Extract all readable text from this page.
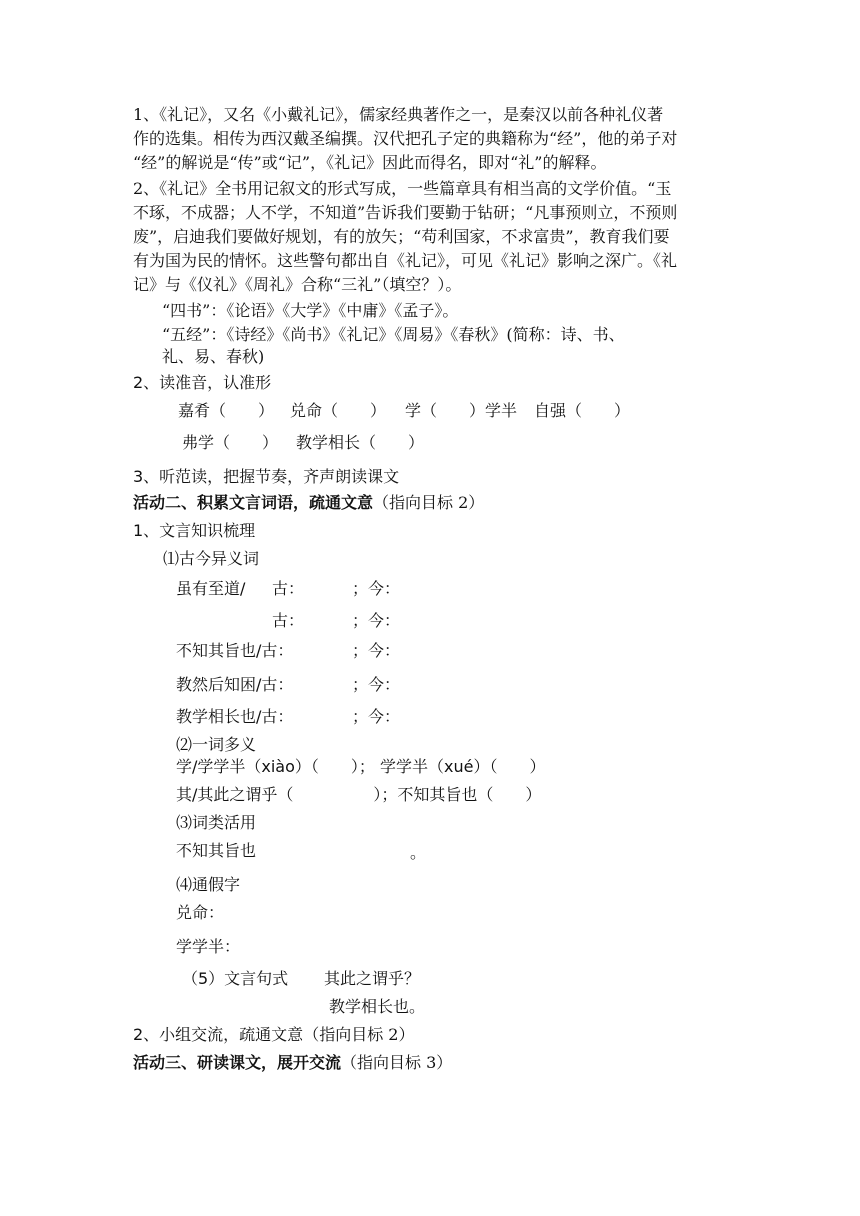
1、《礼记》，又名《小戴礼记》，儒家经典著作之一，是秦汉以前各种礼仪著
作的选集。相传为西汉戴圣编撰。汉代把孔子定的典籍称为“经”，他的弟子对
“经”的解说是“传”或“记”，《礼记》因此而得名，即对“礼”的解释。
2、《礼记》全书用记叙文的形式写成，一些篇章具有相当高的文学价值。“玉
不琢，不成器；人不学，不知道”告诉我们要勤于钻研；“凡事预则立，不预则
废”，启迪我们要做好规划，有的放矢；“苟利国家，不求富贵”，教育我们要
有为国为民的情怀。这些警句都出自《礼记》，可见《礼记》影响之深广。《礼
记》与《仪礼》《周礼》合称“三礼”（填空？）。
“四书”：《论语》《大学》《中庸》《孟子》。
“五经”：《诗经》《尚书》《礼记》《周易》《春秋》(简称：诗、书、
礼、易、春秋)
2、读准音，认准形
嘉肴（　　） 兑命（　　） 学（　　）学半 自强（　　）
弗学（　　） 教学相长（　　）
3、听范读，把握节奏，齐声朗读课文
活动二、积累文言词语，疏通文意（指向目标 2）
1、文言知识梳理
⑴古今异义词
虽有至道/ 古：	；今：
古：	；今：
不知其旨也/古：	；今：
教然后知困/古：	；今：
教学相长也/古：	；今：
⑵一词多义
学/学学半（xiào）（　　）； 学学半（xué）（　　）
其/其此之谓乎（　　　　　）；不知其旨也（　　）
⑶词类活用
不知其旨也	。
⑷通假字
兑命：
学学半：
（5）文言句式 其此之谓乎？
教学相长也。
2、小组交流，疏通文意（指向目标 2）
活动三、研读课文，展开交流（指向目标 3）
